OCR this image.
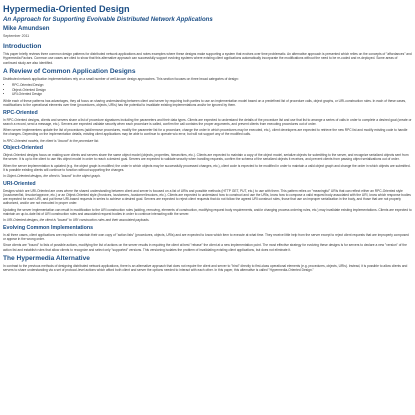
Hypermedia-Oriented Design
An Approach for Supporting Evolvable Distributed Network Applications
Mike Amundsen
September 2011
Introduction

This paper briefly reviews three common design patterns for distributed network applications and notes examples where these designs make supporting a system that evolves over time problematic. An alternative approach is presented which relies on the concepts of "affordances" and Hypermedia Factors. Common use cases are cited to show that this alternative approach can successfully support evolving systems where existing client applications automatically incorporate the modifications without the need to be re-coded and re-deployed. Some areas of continued study are also identified.

A Review of Common Application Designs

Distributed network application implementations rely on a small number of well-known design approaches. This section focuses on three broad categories of design:

• RPC-Oriented Design
• Object-Oriented Design
• URI-Oriented Design

While each of these patterns has advantages, they all focus on sharing understanding between client and server by requiring both parties to use an implementation model based on a predefined list of procedure calls, object graphs, or URI-construction rules. In each of these cases, modifications to the operational elements over time (procedures, objects, URIs) has the potential to invalidate existing implementations and/or be ignored by them.

RPC-Oriented

In RPC-Oriented designs, clients and servers share a list of procedure signatures including the parameters and their data types. Clients are expected to understand the details of the procedure list and use that list to arrange a series of calls in order to complete a desired goal (create or search a record, send a message, etc.). Servers are expected validate security when each procedure is called, confirm the call contains the proper arguments, and prevent clients from executing procedures out of order.

When server implementers update the list of procedures (add/remove procedures, modify the parameter list for a procedure, change the order in which procedures may be executed, etc.), client developers are expected to retrieve the new RPC list and modify existing code to handle the changes. Depending on the implementation details, existing client applications may be able to continue to operate w/o error, but will not support any of the modified calls.

In RPC-Oriented models, the client is "bound" to the procedure list.

Object-Oriented

Object-Oriented designs focus on making sure clients and servers share the same object model (objects, properties, hierarchies, etc.). Clients are expected to maintain a copy of the object model, serialize objects for submitting to the server, and recognize serialized objects sent from the server. It is up to the client to use this object model in order to reach a desired goal. Servers are expected to validate security when handling requests, confirm the schema of the serialized objects it receives, and prevent clients from passing object serializations out of order.

When the server implementation is updated (e.g. the object graph is modified; the order in which objects may be successfully processed changes, etc.), client code is expected to be modified in order to maintain a valid object graph and change the order in which objects are submitted. It is possible existing clients will continue to function without supporting the changes.

In Object-Oriented designs, the client is "bound" to the object graph.

URI-Oriented

Designs which are URI-Oriented are ones where the shared understanding between client and server is focused on a list of URIs and possible methods (HTTP GET, PUT, etc.) to use with them. This pattern relies on "meaningful" URIs that can reflect either an RPC-Oriented style (/customer/list, /invoice/approve, etc.) or an Object-Oriented style (/invoices, /customers, /customer/invoices, etc.). Clients are expected to understand how to construct and use the URIs, know how to compose a valid request body associated with the URI, know which response bodies are expected for each URI, and put these URI-based requests in series to achieve a desired goal. Servers are expected to reject client requests that do not follow the agreed URI construct rules, those that use an improper serialization in the body, and those that are not properly authorized, and/or are not executed in proper order.

Updating the server implementation can result in modification to the URI construction rules (adding, removing, elements of construction, modifying request body requirements, and/or changing process ordering rules, etc.) may invalidate existing implementations. Clients are expected to maintain an up-to-date list of URI construction rules and associated request bodies in order to continue interacting with the server.

In URI-Oriented designs, the client is "bound" to URI construction rules and their associated payloads.

Evolving Common Implementations

In all three cases, client applications are required to maintain their own copy of "action lists" (procedures, objects, URIs) and are expected to know which item to execute at what time. They receive little help from the server except to reject client requests that are improperly composed or appear in the wrong order.

Since clients are "bound" to lists of possible actions, modifying the list of actions on the server results in requiring the client at best "rebase" the client at a new implementation point. The most effective strategy for evolving these designs is for servers to declare a new "version" of the action list and establish rules that allow clients to recognize and select only "supported" versions. This versioning isolates the problem of invalidating existing client applications, but does not eliminate it.

The Hypermedia Alternative

In contrast to the previous methods of designing distributed network applications, there is an alternative approach that does not require the client and server to "bind" directly to first-class operational elements (e.g. procedures, objects, URIs). Instead, it is possible to allow clients and servers to share understanding via a set of protocol-level actions which afford both client and server the options needed to interact with each other. In this paper, this alternative is called "Hypermedia-Oriented Design."
